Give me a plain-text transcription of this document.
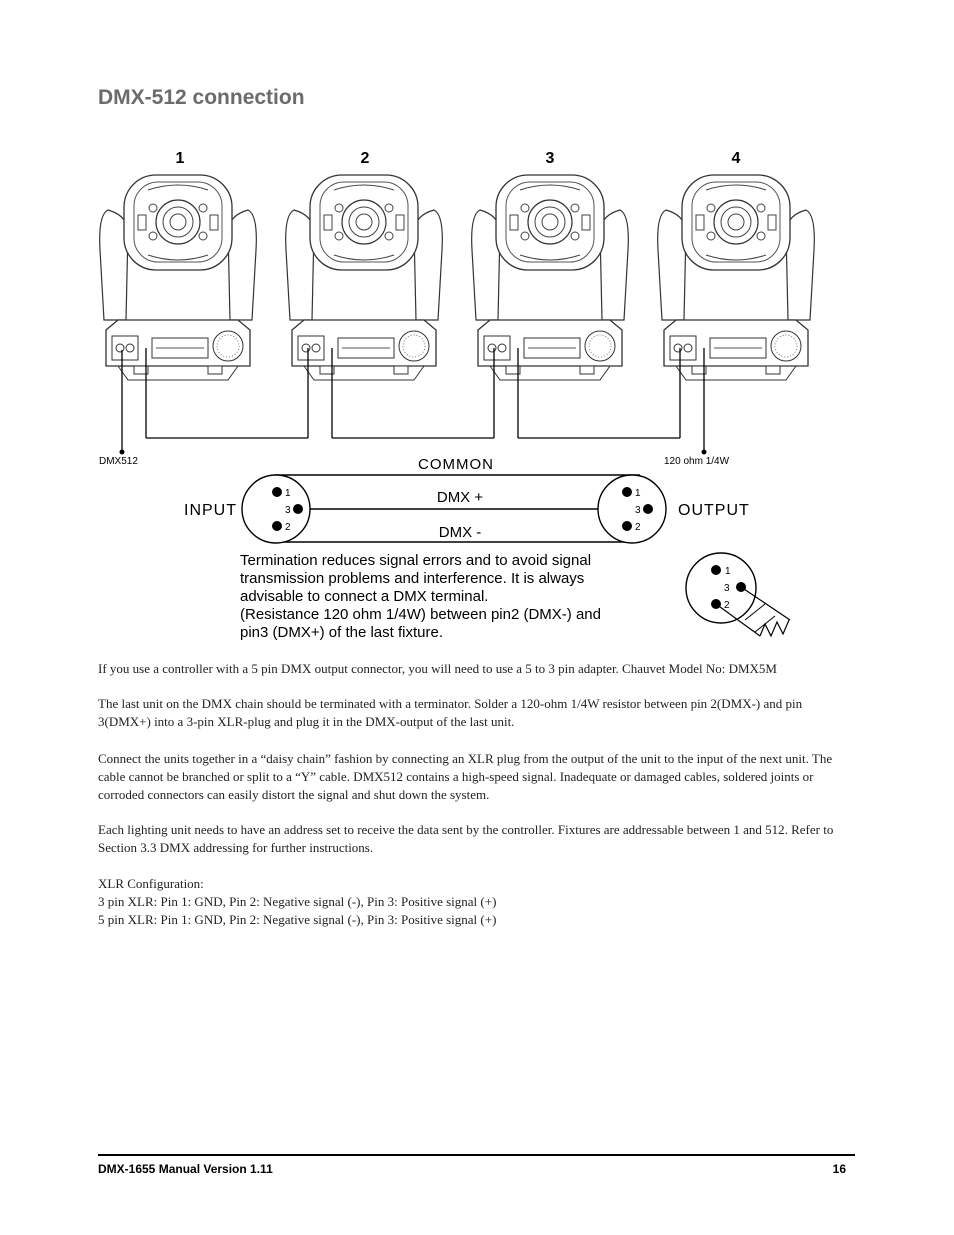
DMX-512 connection
1	2	3	4
DMX512	120 ohm 1/4W
1
3
2
1
3
2
COMMON
DMX +
DMX -
INPUT	OUTPUT
Termination reduces signal errors and to avoid signal
transmission problems and interference. It is always
advisable to connect a DMX terminal.
(Resistance 120 ohm 1/4W) between pin2 (DMX-) and
pin3 (DMX+) of the last fixture.
1
3
2

If you use a controller with a 5 pin DMX output connector, you will need to use a 5 to 3 pin adapter. Chauvet Model No: DMX5M

The last unit on the DMX chain should be terminated with a terminator. Solder a 120-ohm 1/4W resistor between pin 2(DMX-) and pin 3(DMX+) into a 3-pin XLR-plug and plug it in the DMX-output of the last unit.

Connect the units together in a “daisy chain” fashion by connecting an XLR plug from the output of the unit to the input of the next unit. The cable cannot be branched or split to a “Y” cable. DMX512 contains a high-speed signal. Inadequate or damaged cables, soldered joints or corroded connectors can easily distort the signal and shut down the system.

Each lighting unit needs to have an address set to receive the data sent by the controller. Fixtures are addressable between 1 and 512. Refer to Section 3.3 DMX addressing for further instructions.

XLR Configuration:

3 pin XLR: Pin 1: GND, Pin 2: Negative signal (-), Pin 3: Positive signal (+)

5 pin XLR: Pin 1: GND, Pin 2: Negative signal (-), Pin 3: Positive signal (+)

DMX-1655 Manual Version 1.11	16
